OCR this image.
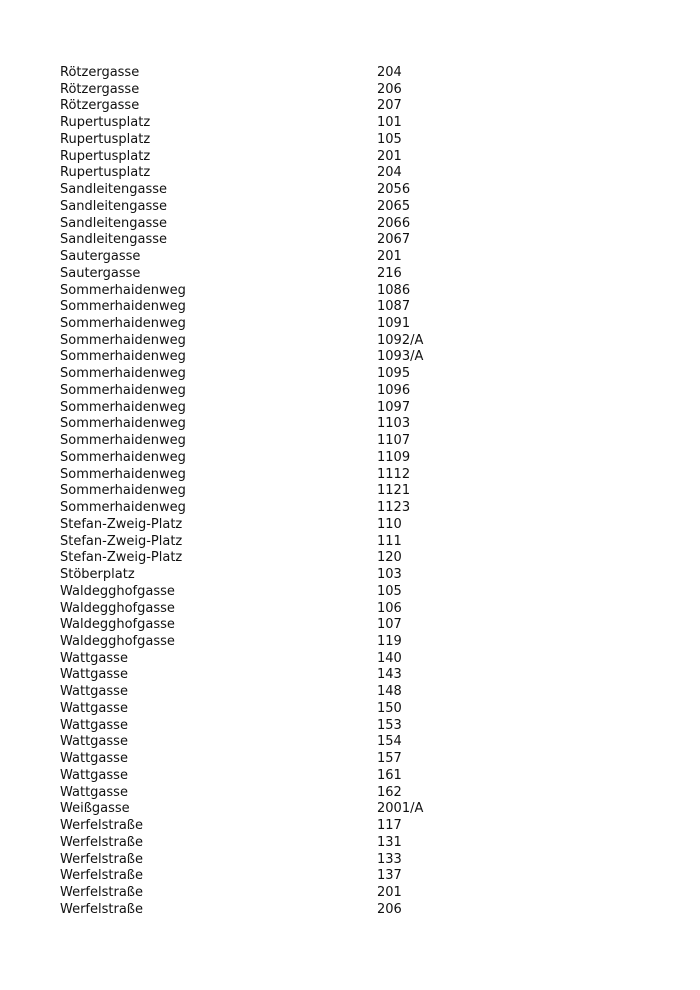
Rötzergasse	204
Rötzergasse	206
Rötzergasse	207
Rupertusplatz	101
Rupertusplatz	105
Rupertusplatz	201
Rupertusplatz	204
Sandleitengasse	2056
Sandleitengasse	2065
Sandleitengasse	2066
Sandleitengasse	2067
Sautergasse	201
Sautergasse	216
Sommerhaidenweg	1086
Sommerhaidenweg	1087
Sommerhaidenweg	1091
Sommerhaidenweg	1092/A
Sommerhaidenweg	1093/A
Sommerhaidenweg	1095
Sommerhaidenweg	1096
Sommerhaidenweg	1097
Sommerhaidenweg	1103
Sommerhaidenweg	1107
Sommerhaidenweg	1109
Sommerhaidenweg	1112
Sommerhaidenweg	1121
Sommerhaidenweg	1123
Stefan-Zweig-Platz	110
Stefan-Zweig-Platz	111
Stefan-Zweig-Platz	120
Stöberplatz	103
Waldegghofgasse	105
Waldegghofgasse	106
Waldegghofgasse	107
Waldegghofgasse	119
Wattgasse	140
Wattgasse	143
Wattgasse	148
Wattgasse	150
Wattgasse	153
Wattgasse	154
Wattgasse	157
Wattgasse	161
Wattgasse	162
Weißgasse	2001/A
Werfelstraße	117
Werfelstraße	131
Werfelstraße	133
Werfelstraße	137
Werfelstraße	201
Werfelstraße	206
